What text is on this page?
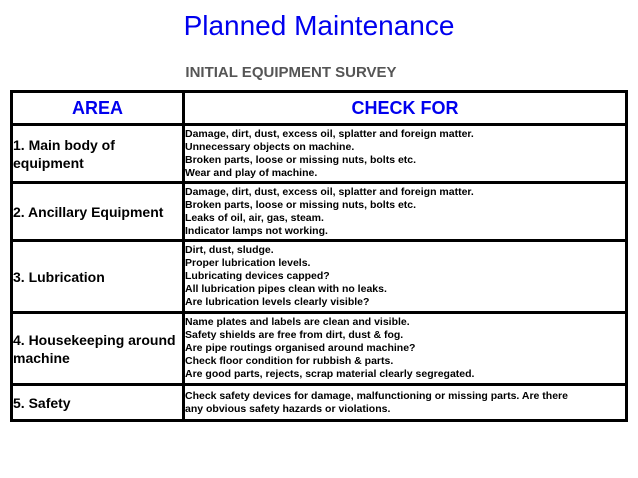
Planned Maintenance
INITIAL EQUIPMENT SURVEY
AREA	CHECK FOR
1. Main body of equipment	Damage, dirt, dust, excess oil, splatter and foreign matter.
Unnecessary objects on machine.
Broken parts, loose or missing nuts, bolts etc.
Wear and play of machine.

2. Ancillary Equipment	Damage, dirt, dust, excess oil, splatter and foreign matter.
Broken parts, loose or missing nuts, bolts etc.
Leaks of oil, air, gas, steam.
Indicator lamps not working.

3. Lubrication	Dirt, dust, sludge.
Proper lubrication levels.
Lubricating devices capped?
All lubrication pipes clean with no leaks.
Are lubrication levels clearly visible?

4. Housekeeping around machine	Name plates and labels are clean and visible.
Safety shields are free from dirt, dust & fog.
Are pipe routings organised around machine?
Check floor condition for rubbish & parts.
Are good parts, rejects, scrap material clearly segregated.

5. Safety	Check safety devices for damage, malfunctioning or missing parts. Are there
any obvious safety hazards or violations.
